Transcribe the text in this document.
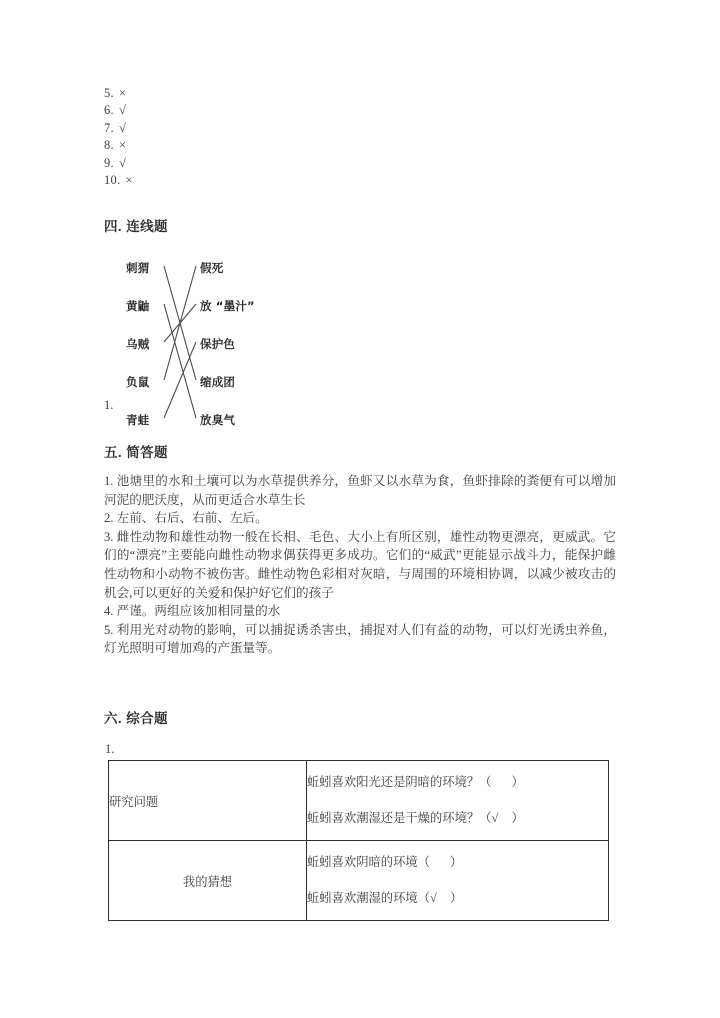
5. ×
6. √
7. √
8. ×
9. √
10. ×
四. 连线题
1.
刺猬
黄鼬
乌贼
负鼠
青蛙
假死
放 “墨汁”
保护色
缩成团
放臭气
五. 简答题

1. 池塘里的水和土壤可以为水草提供养分，鱼虾又以水草为食，鱼虾排除的粪便有可以增加河泥的肥沃度，从而更适合水草生长

2. 左前、右后、右前、左后。

3. 雌性动物和雄性动物一般在长相、毛色、大小上有所区别，雄性动物更漂亮，更威武。它们的“漂亮”主要能向雌性动物求偶获得更多成功。它们的“威武”更能显示战斗力，能保护雌性动物和小动物不被伤害。雌性动物色彩相对灰暗，与周围的环境相协调，以减少被攻击的机会,可以更好的关爱和保护好它们的孩子

4. 严谨。两组应该加相同量的水

5. 利用光对动物的影响，可以捕捉诱杀害虫，捕捉对人们有益的动物，可以灯光诱虫养鱼，灯光照明可增加鸡的产蛋量等。

六. 综合题
1.
研究问题	蚯蚓喜欢阳光还是阴暗的环境？（ ）
蚯蚓喜欢潮湿还是干燥的环境？（√ ）

我的猜想	蚯蚓喜欢阴暗的环境（ ）
蚯蚓喜欢潮湿的环境（√ ）
